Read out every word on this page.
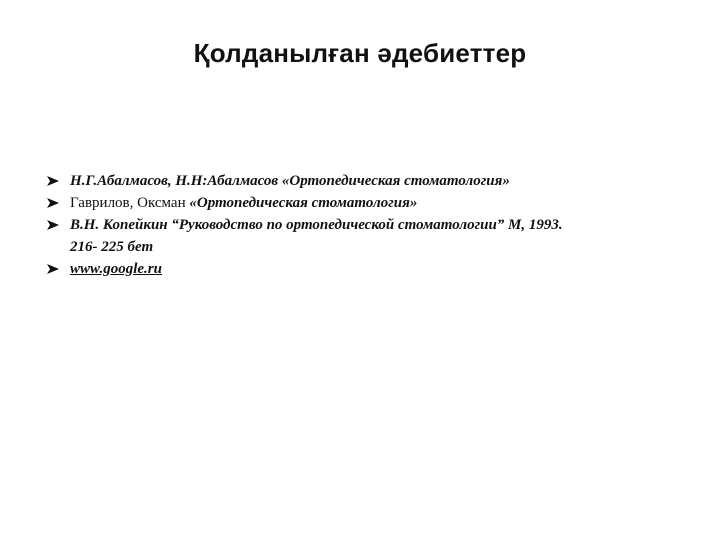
Қолданылған әдебиеттер
Н.Г.Абалмасов, Н.Н:Абалмасов «Ортопедическая стоматология»
Гаврилов, Оксман «Ортопедическая стоматология»
В.Н. Копейкин “Руководство по ортопедической стоматологии” М, 1993.
216- 225 бет
www.google.ru
